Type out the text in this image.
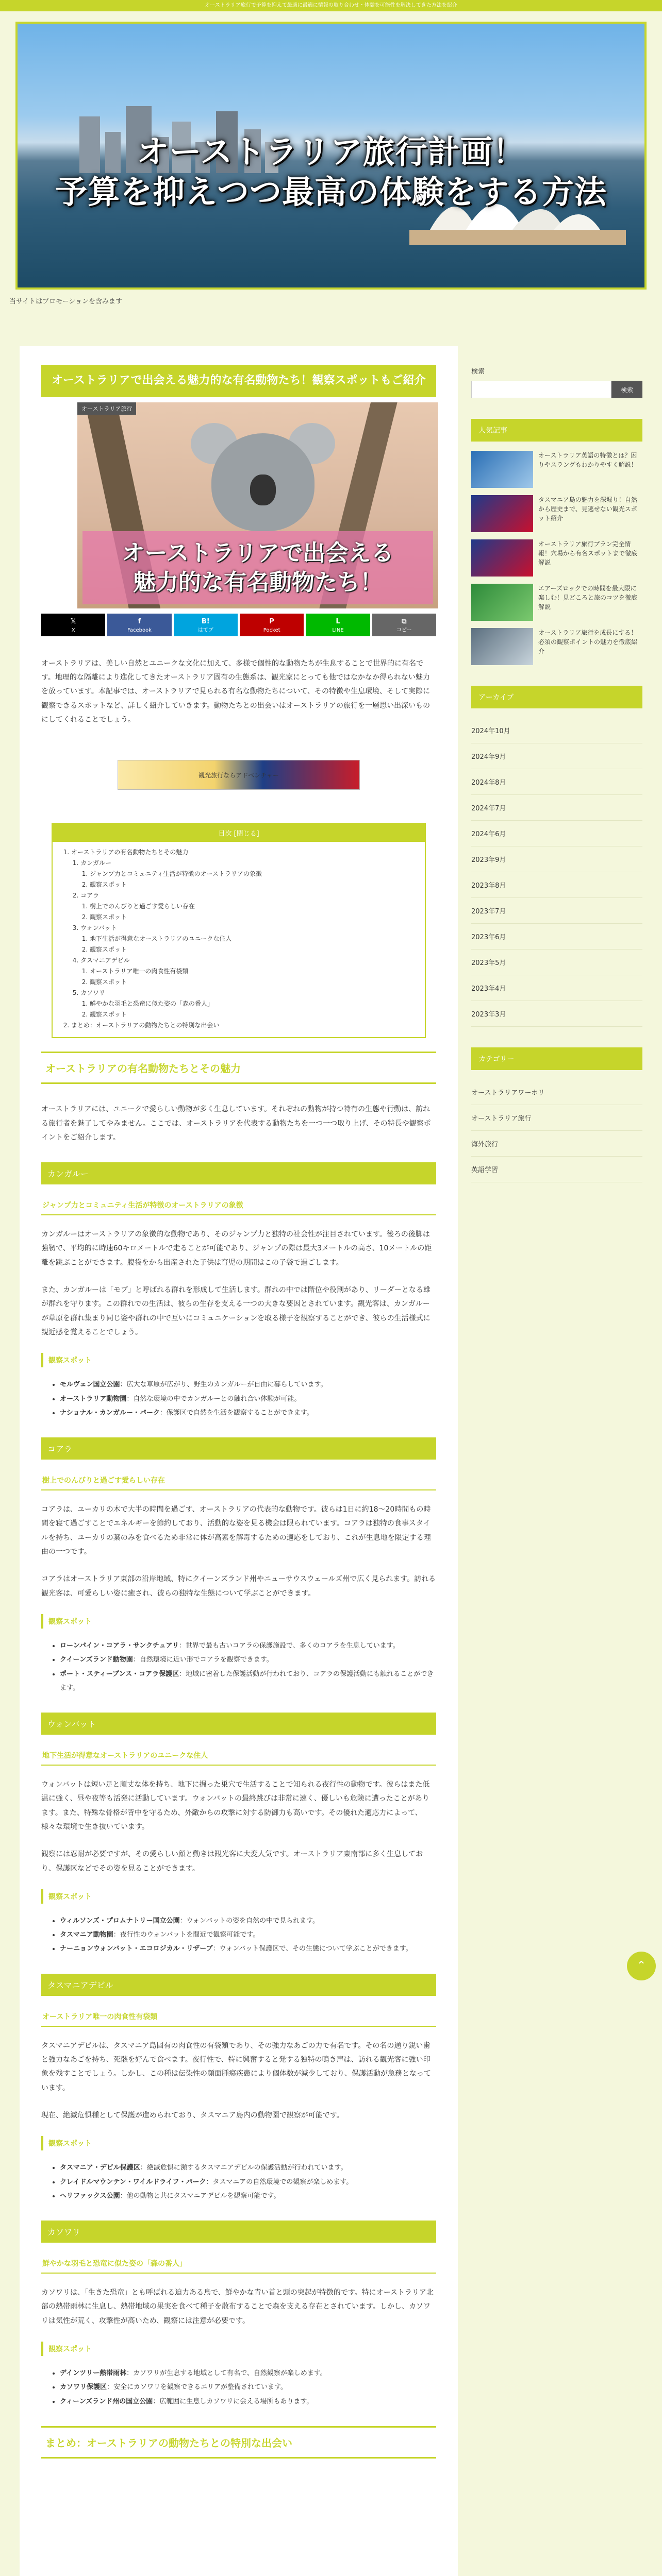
オーストラリア旅行で予算を抑えて最適に最適に情報の取り合わせ・体験を可能性を解決してきた方法を紹介
オーストラリア旅行計画！
予算を抑えつつ最高の体験をする方法
当サイトはプロモーションを含みます
オーストラリアで出会える魅力的な有名動物たち！観察スポットもご紹介
オーストラリア旅行
オーストラリアで出会える
魅力的な有名動物たち！
𝕏
X
f
Facebook
B!
はてブ
P
Pocket
L
LINE
⧉
コピー

オーストラリアは、美しい自然とユニークな文化に加えて、多様で個性的な動物たちが生息することで世界的に有名です。地理的な隔離により進化してきたオーストラリア固有の生態系は、観光家にとっても他ではなかなか得られない魅力を放っています。本記事では、オーストラリアで見られる有名な動物たちについて、その特徴や生息環境、そして実際に観察できるスポットなど、詳しく紹介していきます。動物たちとの出会いはオーストラリアの旅行を一層思い出深いものにしてくれることでしょう。

観光旅行ならアドベンチャー
目次 [閉じる]
1. オーストラリアの有名動物たちとその魅力
1. カンガルー
1. ジャンプ力とコミュニティ生活が特徴のオーストラリアの象徴
2. 観察スポット
2. コアラ
1. 樹上でのんびりと過ごす愛らしい存在
2. 観察スポット
3. ウォンバット
1. 地下生活が得意なオーストラリアのユニークな住人
2. 観察スポット
4. タスマニアデビル
1. オーストラリア唯一の肉食性有袋類
2. 観察スポット
5. カソワリ
1. 鮮やかな羽毛と恐竜に似た姿の「森の番人」
2. 観察スポット
2. まとめ：オーストラリアの動物たちとの特別な出会い
オーストラリアの有名動物たちとその魅力

オーストラリアには、ユニークで愛らしい動物が多く生息しています。それぞれの動物が持つ特有の生態や行動は、訪れる旅行者を魅了してやみません。ここでは、オーストラリアを代表する動物たちを一つ一つ取り上げ、その特長や観察ポイントをご紹介します。

カンガルー
ジャンプ力とコミュニティ生活が特徴のオーストラリアの象徴

カンガルーはオーストラリアの象徴的な動物であり、そのジャンプ力と独特の社会性が注目されています。後ろの後脚は強靭で、平均的に時速60キロメートルで走ることが可能であり、ジャンプの際は最大3メートルの高さ、10メートルの距離を跳ぶことができます。腹袋をから出産された子供は育児の期間はこの子袋で過ごします。

また、カンガルーは「モブ」と呼ばれる群れを形成して生活します。群れの中では階位や役割があり、リーダーとなる雄が群れを守ります。この群れでの生活は、彼らの生存を支える一つの大きな要因とされています。観光客は、カンガルーが草原を群れ集まり同じ姿や群れの中で互いにコミュニケーションを取る様子を観察することができ、彼らの生活様式に親近感を覚えることでしょう。

観察スポット
• モルヴェン国立公園：広大な草原が広がり、野生のカンガルーが自由に暮らしています。
• オーストラリア動物園：自然な環境の中でカンガルーとの触れ合い体験が可能。
• ナショナル・カンガルー・パーク：保護区で自然を生活を観察することができます。
コアラ
樹上でのんびりと過ごす愛らしい存在

コアラは、ユーカリの木で大半の時間を過ごす、オーストラリアの代表的な動物です。彼らは1日に約18〜20時間もの時間を寝て過ごすことでエネルギーを節約しており、活動的な姿を見る機会は限られています。コアラは独特の食事スタイルを持ち、ユーカリの葉のみを食べるため非常に体が高素を解毒するための適応をしており、これが生息地を限定する理由の一つです。

コアラはオーストラリア東部の沿岸地域、特にクイーンズランド州やニューサウスウェールズ州で広く見られます。訪れる観光客は、可愛らしい姿に癒され、彼らの独特な生態について学ぶことができます。

観察スポット
• ローンパイン・コアラ・サンクチュアリ：世界で最も古いコアラの保護施設で、多くのコアラを生息しています。
• クイーンズランド動物園：自然環境に近い形でコアラを観察できます。
• ポート・スティーブンス・コアラ保護区：地域に密着した保護活動が行われており、コアラの保護活動にも触れることができます。
ウォンバット
地下生活が得意なオーストラリアのユニークな住人

ウォンバットは短い足と頑丈な体を持ち、地下に掘った巣穴で生活することで知られる夜行性の動物です。彼らはまた低温に強く、昼や夜等も活発に活動しています。ウォンバットの最終跳びは非常に速く、優しいも危険に遭ったことがあります。また、特殊な骨格が背中を守るため、外敵からの攻撃に対する防御力も高いです。その優れた適応力によって、様々な環境で生き抜いています。

観察には忍耐が必要ですが、その愛らしい顔と動きは観光客に大変人気です。オーストラリア東南部に多く生息しており、保護区などでその姿を見ることができます。

観察スポット
• ウィルソンズ・プロムナトリー国立公園：ウォンバットの姿を自然の中で見られます。
• タスマニア動物園：夜行性のウォンバットを間近で観察可能です。
• ナーニョンウォンバット・エコロジカル・リザーブ：ウォンバット保護区で、その生態について学ぶことができます。
タスマニアデビル
オーストラリア唯一の肉食性有袋類

タスマニアデビルは、タスマニア島固有の肉食性の有袋類であり、その強力なあごの力で有名です。その名の通り鋭い歯と強力なあごを持ち、死骸を好んで食べます。夜行性で、特に興奮すると発する独特の鳴き声は、訪れる観光客に強い印象を残すことでしょう。しかし、この種は伝染性の顔面腫瘍疾患により個体数が減少しており、保護活動が急務となっています。

現在、絶滅危惧種として保護が進められており、タスマニア島内の動物園で観察が可能です。

観察スポット
• タスマニア・デビル保護区：絶滅危惧に瀕するタスマニアデビルの保護活動が行われています。
• クレイドルマウンテン・ワイルドライフ・パーク：タスマニアの自然環境での観察が楽しめます。
• ヘリファックス公園：他の動物と共にタスマニアデビルを観察可能です。
カソワリ
鮮やかな羽毛と恐竜に似た姿の「森の番人」

カソワリは、「生きた恐竜」とも呼ばれる迫力ある鳥で、鮮やかな青い首と頭の突起が特徴的です。特にオーストラリア北部の熱帯雨林に生息し、熱帯地域の果実を食べて種子を散布することで森を支える存在とされています。しかし、カソワリは気性が荒く、攻撃性が高いため、観察には注意が必要です。

観察スポット
• デインツリー熱帯雨林：カソワリが生息する地域として有名で、自然観察が楽しめます。
• カソワリ保護区：安全にカソワリを観察できるエリアが整備されています。
• クィーンズランド州の国立公園：広範囲に生息しカソワリに会える場所もあります。
まとめ：オーストラリアの動物たちとの特別な出会い
検索
検索
人気記事
オーストラリア英語の特徴とは？困りやスラングもわかりやすく解説！
タスマニア島の魅力を深堀り！自然から歴史まで、見逃せない観光スポット紹介
オーストラリア旅行プラン完全情報！穴場から有名スポットまで徹底解説
エアーズロックでの時間を最大限に楽しむ！見どころと旅のコツを徹底解説
オーストラリア旅行を成長にする！必須の観察ポイントの魅力を徹底紹介
アーカイブ
2024年10月
2024年9月
2024年8月
2024年7月
2024年6月
2023年9月
2023年8月
2023年7月
2023年6月
2023年5月
2023年4月
2023年3月
カテゴリー
オーストラリアワーホリ
オーストラリア旅行
海外旅行
英語学習
⌃
